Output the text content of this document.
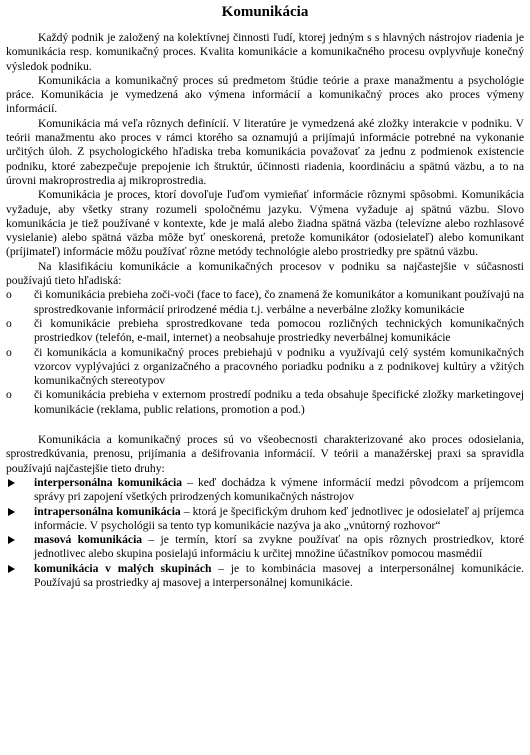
Komunikácia

Každý podnik je založený na kolektívnej činnosti ľudí, ktorej jedným s s hlavných nástrojov riadenia je komunikácia resp. komunikačný proces. Kvalita komunikácie a komunikačného procesu ovplyvňuje konečný výsledok podniku.

Komunikácia a komunikačný proces sú predmetom štúdie teórie a praxe manažmentu a psychológie práce. Komunikácia je vymedzená ako výmena informácií a komunikačný proces ako proces výmeny informácií.

Komunikácia má veľa rôznych definícií. V literatúre je vymedzená aké zložky interakcie v podniku. V teórii manažmentu ako proces v rámci ktorého sa oznamujú a prijímajú informácie potrebné na vykonanie určitých úloh. Z psychologického hľadiska treba komunikácia považovať za jednu z podmienok existencie podniku, ktoré zabezpečuje prepojenie ich štruktúr, účinnosti riadenia, koordináciu a spätnú väzbu, a to na úrovni makroprostredia aj mikroprostredia.

Komunikácia je proces, ktorí dovoľuje ľuďom vymieňať informácie rôznymi spôsobmi. Komunikácia vyžaduje, aby všetky strany rozumeli spoločnému jazyku. Výmena vyžaduje aj spätnú väzbu. Slovo komunikácia je tiež používané v kontexte, kde je malá alebo žiadna spätná väzba (televízne alebo rozhlasové vysielanie) alebo spätná väzba môže byť oneskorená, pretože komunikátor (odosielateľ) alebo komunikant (príjimateľ) informácie môžu používať rôzne metódy technológie alebo prostriedky pre spätnú väzbu.

Na klasifikáciu komunikácie a komunikačných procesov v podniku sa najčastejšie v súčasnosti používajú tieto hľadiská:

o	či komunikácia prebieha zoči-voči (face to face), čo znamená že komunikátor a komunikant používajú na sprostredkovanie informácií prirodzené média t.j. verbálne a neverbálne zložky komunikácie
o	či komunikácie prebieha sprostredkovane teda pomocou rozličných technických komunikačných prostriedkov (telefón, e-mail, internet) a neobsahuje prostriedky neverbálnej komunikácie
o	či komunikácia a komunikačný proces prebiehajú v podniku a využívajú celý systém komunikačných vzorcov vyplývajúci z organizačného a pracovného poriadku podniku a z podnikovej kultúry a vžitých komunikačných stereotypov
o	či komunikácia prebieha v externom prostredí podniku a teda obsahuje špecifické zložky marketingovej komunikácie (reklama, public relations, promotion a pod.)

Komunikácia a komunikačný proces sú vo všeobecnosti charakterizované ako proces odosielania, sprostredkúvania, prenosu, prijímania a dešifrovania informácií. V teórii a manažérskej praxi sa spravidla používajú najčastejšie tieto druhy:

interpersonálna komunikácia – keď dochádza k výmene informácií medzi pôvodcom a príjemcom správy pri zapojení všetkých prirodzených komunikačných nástrojov
intrapersonálna komunikácia – ktorá je špecifickým druhom keď jednotlivec je odosielateľ aj príjemca informácie. V psychológii sa tento typ komunikácie nazýva ja ako „vnútorný rozhovor“
masová komunikácia – je termín, ktorí sa zvykne používať na opis rôznych prostriedkov, ktoré jednotlivec alebo skupina posielajú informáciu k určitej množine účastníkov pomocou masmédií
komunikácia v malých skupinách – je to kombinácia masovej a interpersonálnej komunikácie. Používajú sa prostriedky aj masovej a interpersonálnej komunikácie.
